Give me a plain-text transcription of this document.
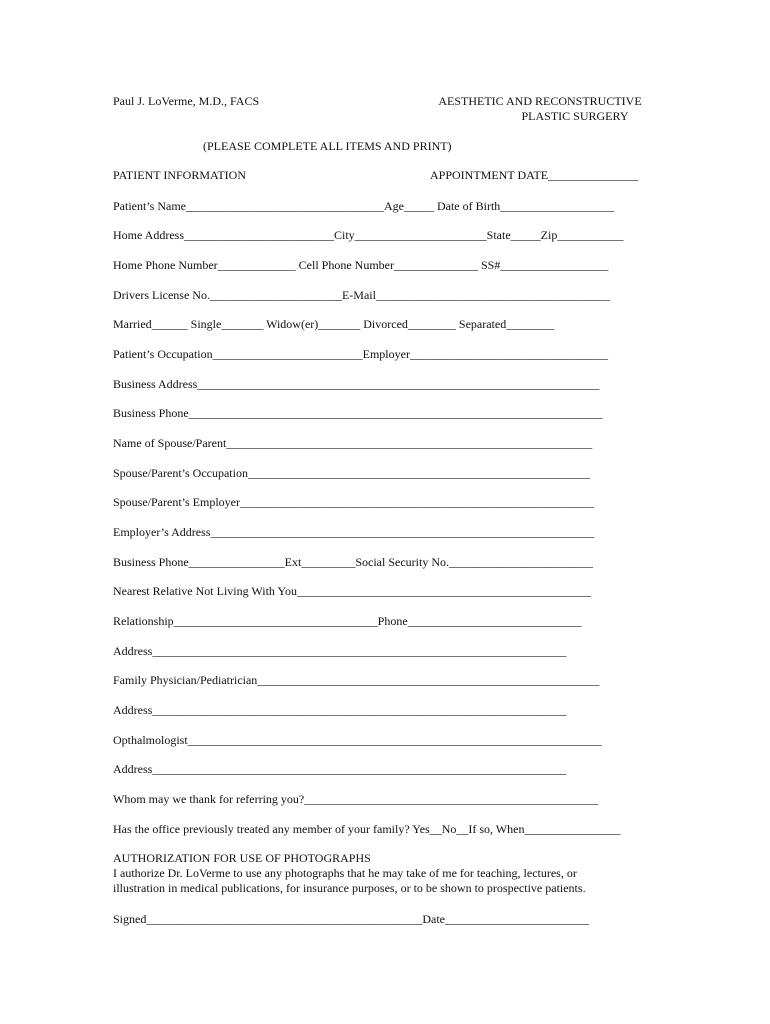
Paul J. LoVerme, M.D., FACS	AESTHETIC AND RECONSTRUCTIVE
PLASTIC SURGERY
(PLEASE COMPLETE ALL ITEMS AND PRINT)
PATIENT INFORMATION	APPOINTMENT DATE_______________
Patient’s Name_________________________________Age_____ Date of Birth___________________
Home Address_________________________City______________________State_____Zip___________
Home Phone Number_____________ Cell Phone Number______________ SS#__________________
Drivers License No.______________________E-Mail_______________________________________
Married______ Single_______ Widow(er)_______ Divorced________ Separated________
Patient’s Occupation_________________________Employer_________________________________
Business Address___________________________________________________________________
Business Phone_____________________________________________________________________
Name of Spouse/Parent_____________________________________________________________
Spouse/Parent’s Occupation_________________________________________________________
Spouse/Parent’s Employer___________________________________________________________
Employer’s Address________________________________________________________________
Business Phone________________Ext_________Social Security No.________________________
Nearest Relative Not Living With You_________________________________________________
Relationship__________________________________Phone_____________________________
Address_____________________________________________________________________
Family Physician/Pediatrician_________________________________________________________
Address_____________________________________________________________________
Opthalmologist_____________________________________________________________________
Address_____________________________________________________________________
Whom may we thank for referring you?_________________________________________________
Has the office previously treated any member of your family? Yes__No__If so, When________________
AUTHORIZATION FOR USE OF PHOTOGRAPHS
I authorize Dr. LoVerme to use any photographs that he may take of me for teaching, lectures, or
illustration in medical publications, for insurance purposes, or to be shown to prospective patients.
Signed______________________________________________Date________________________
